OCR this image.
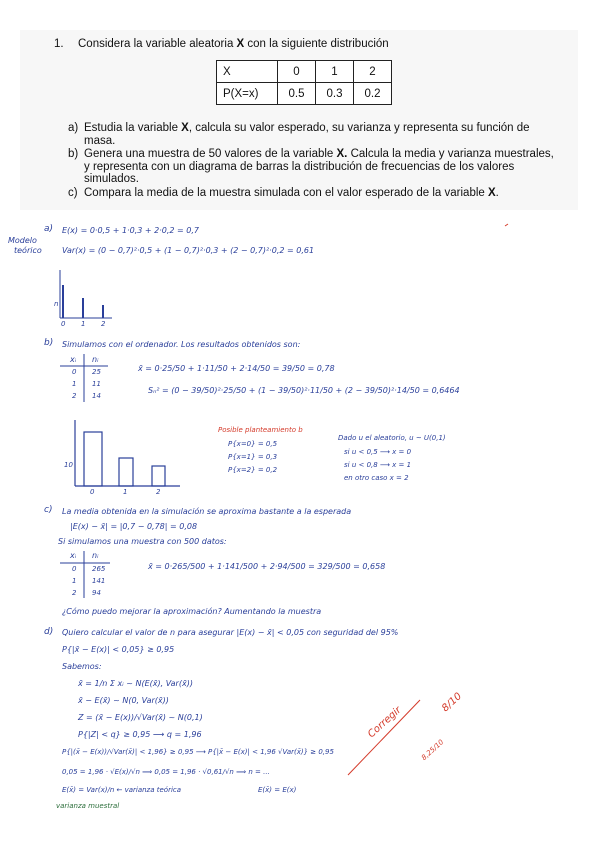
1. Considera la variable aleatoria X con la siguiente distribución
X	0	1	2
P(X=x)	0.5	0.3	0.2
a) Estudia la variable X, calcula su valor esperado, su varianza y representa su función de
masa.
b) Genera una muestra de 50 valores de la variable X. Calcula la media y varianza muestrales,
y representa con un diagrama de barras la distribución de frecuencias de los valores
simulados.
c) Compara la media de la muestra simulada con el valor esperado de la variable X.
Modelo
teórico
a) E(x) = 0·0,5 + 1·0,3 + 2·0,2 = 0,7
Var(x) = (0 − 0,7)²·0,5 + (1 − 0,7)²·0,3 + (2 − 0,7)²·0,2 = 0,61
n
0 1 2
b) Simulamos con el ordenador. Los resultados obtenidos son:
xᵢ nᵢ
0 25
1 11
2 14
x̄ = 0·25/50 + 1·11/50 + 2·14/50 = 39/50 = 0,78
Sₙ² = (0 − 39/50)²·25/50 + (1 − 39/50)²·11/50 + (2 − 39/50)²·14/50 = 0,6464
10
0	1	2
Posible planteamiento b
P{x=0} = 0,5
P{x=1} = 0,3
P{x=2} = 0,2
Dado u el aleatorio, u ~ U(0,1)
si u < 0,5 ⟶ x = 0
si u < 0,8 ⟶ x = 1
en otro caso x = 2
c) La media obtenida en la simulación se aproxima bastante a la esperada
|E(x) − x̄| = |0,7 − 0,78| = 0,08
Si simulamos una muestra con 500 datos:
xᵢ nᵢ
0 265
1 141
2 94
x̄ = 0·265/500 + 1·141/500 + 2·94/500 = 329/500 = 0,658
¿Cómo puedo mejorar la aproximación? Aumentando la muestra
d) Quiero calcular el valor de n para asegurar |E(x) − x̄| < 0,05 con seguridad del 95%
P{|x̄ − E(x)| < 0,05} ≥ 0,95
Sabemos:
x̄ = 1/n Σ xᵢ ~ N(E(x̄), Var(x̄))
x̄ − E(x̄) ~ N(0, Var(x̄))
Z = (x̄ − E(x))/√Var(x̄) ~ N(0,1)
P{|Z| < q} ≥ 0,95 ⟶ q = 1,96
P{|(x̄ − E(x))/√Var(x̄)| < 1,96} ≥ 0,95 ⟶ P{|x̄ − E(x)| < 1,96 √Var(x̄)} ≥ 0,95
0,05 = 1,96 · √E(x)/√n ⟹ 0,05 = 1,96 · √0,61/√n ⟹ n = ...
E(x̄) = Var(x)/n ← varianza teórica	E(x̄) = E(x)
varianza muestral
Corregir
8/10
8,25/10
